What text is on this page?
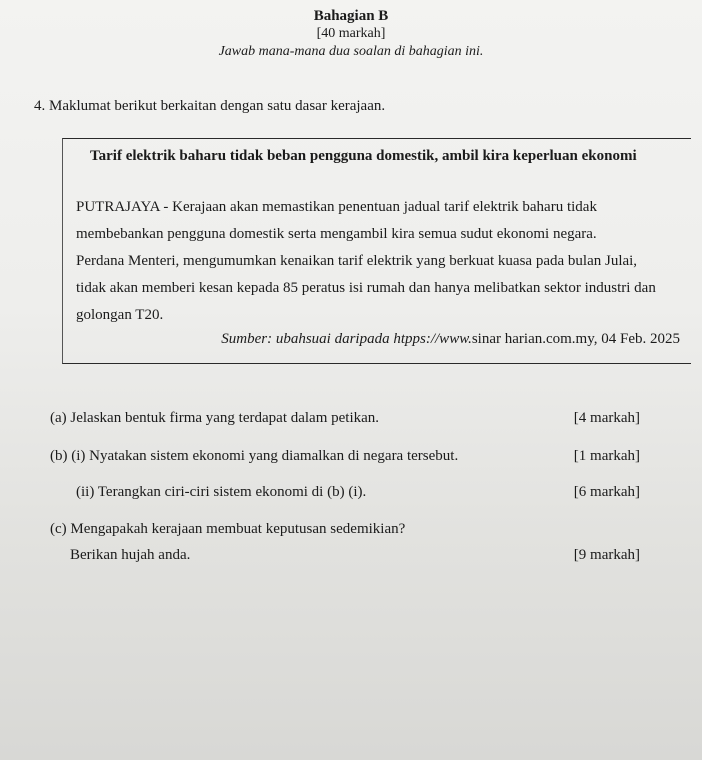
Bahagian B
[40 markah]
Jawab mana-mana dua soalan di bahagian ini.
4. Maklumat berikut berkaitan dengan satu dasar kerajaan.
Tarif elektrik baharu tidak beban pengguna domestik, ambil kira keperluan ekonomi
PUTRAJAYA - Kerajaan akan memastikan penentuan jadual tarif elektrik baharu tidak
membebankan pengguna domestik serta mengambil kira semua sudut ekonomi negara.
Perdana Menteri, mengumumkan kenaikan tarif elektrik yang berkuat kuasa pada bulan Julai,
tidak akan memberi kesan kepada 85 peratus isi rumah dan hanya melibatkan sektor industri dan
golongan T20.
Sumber: ubahsuai daripada htpps://www.sinar harian.com.my, 04 Feb. 2025
(a) Jelaskan bentuk firma yang terdapat dalam petikan.	[4 markah]
(b) (i) Nyatakan sistem ekonomi yang diamalkan di negara tersebut.	[1 markah]
(ii) Terangkan ciri-ciri sistem ekonomi di (b) (i).	[6 markah]
(c) Mengapakah kerajaan membuat keputusan sedemikian?
Berikan hujah anda.	[9 markah]
